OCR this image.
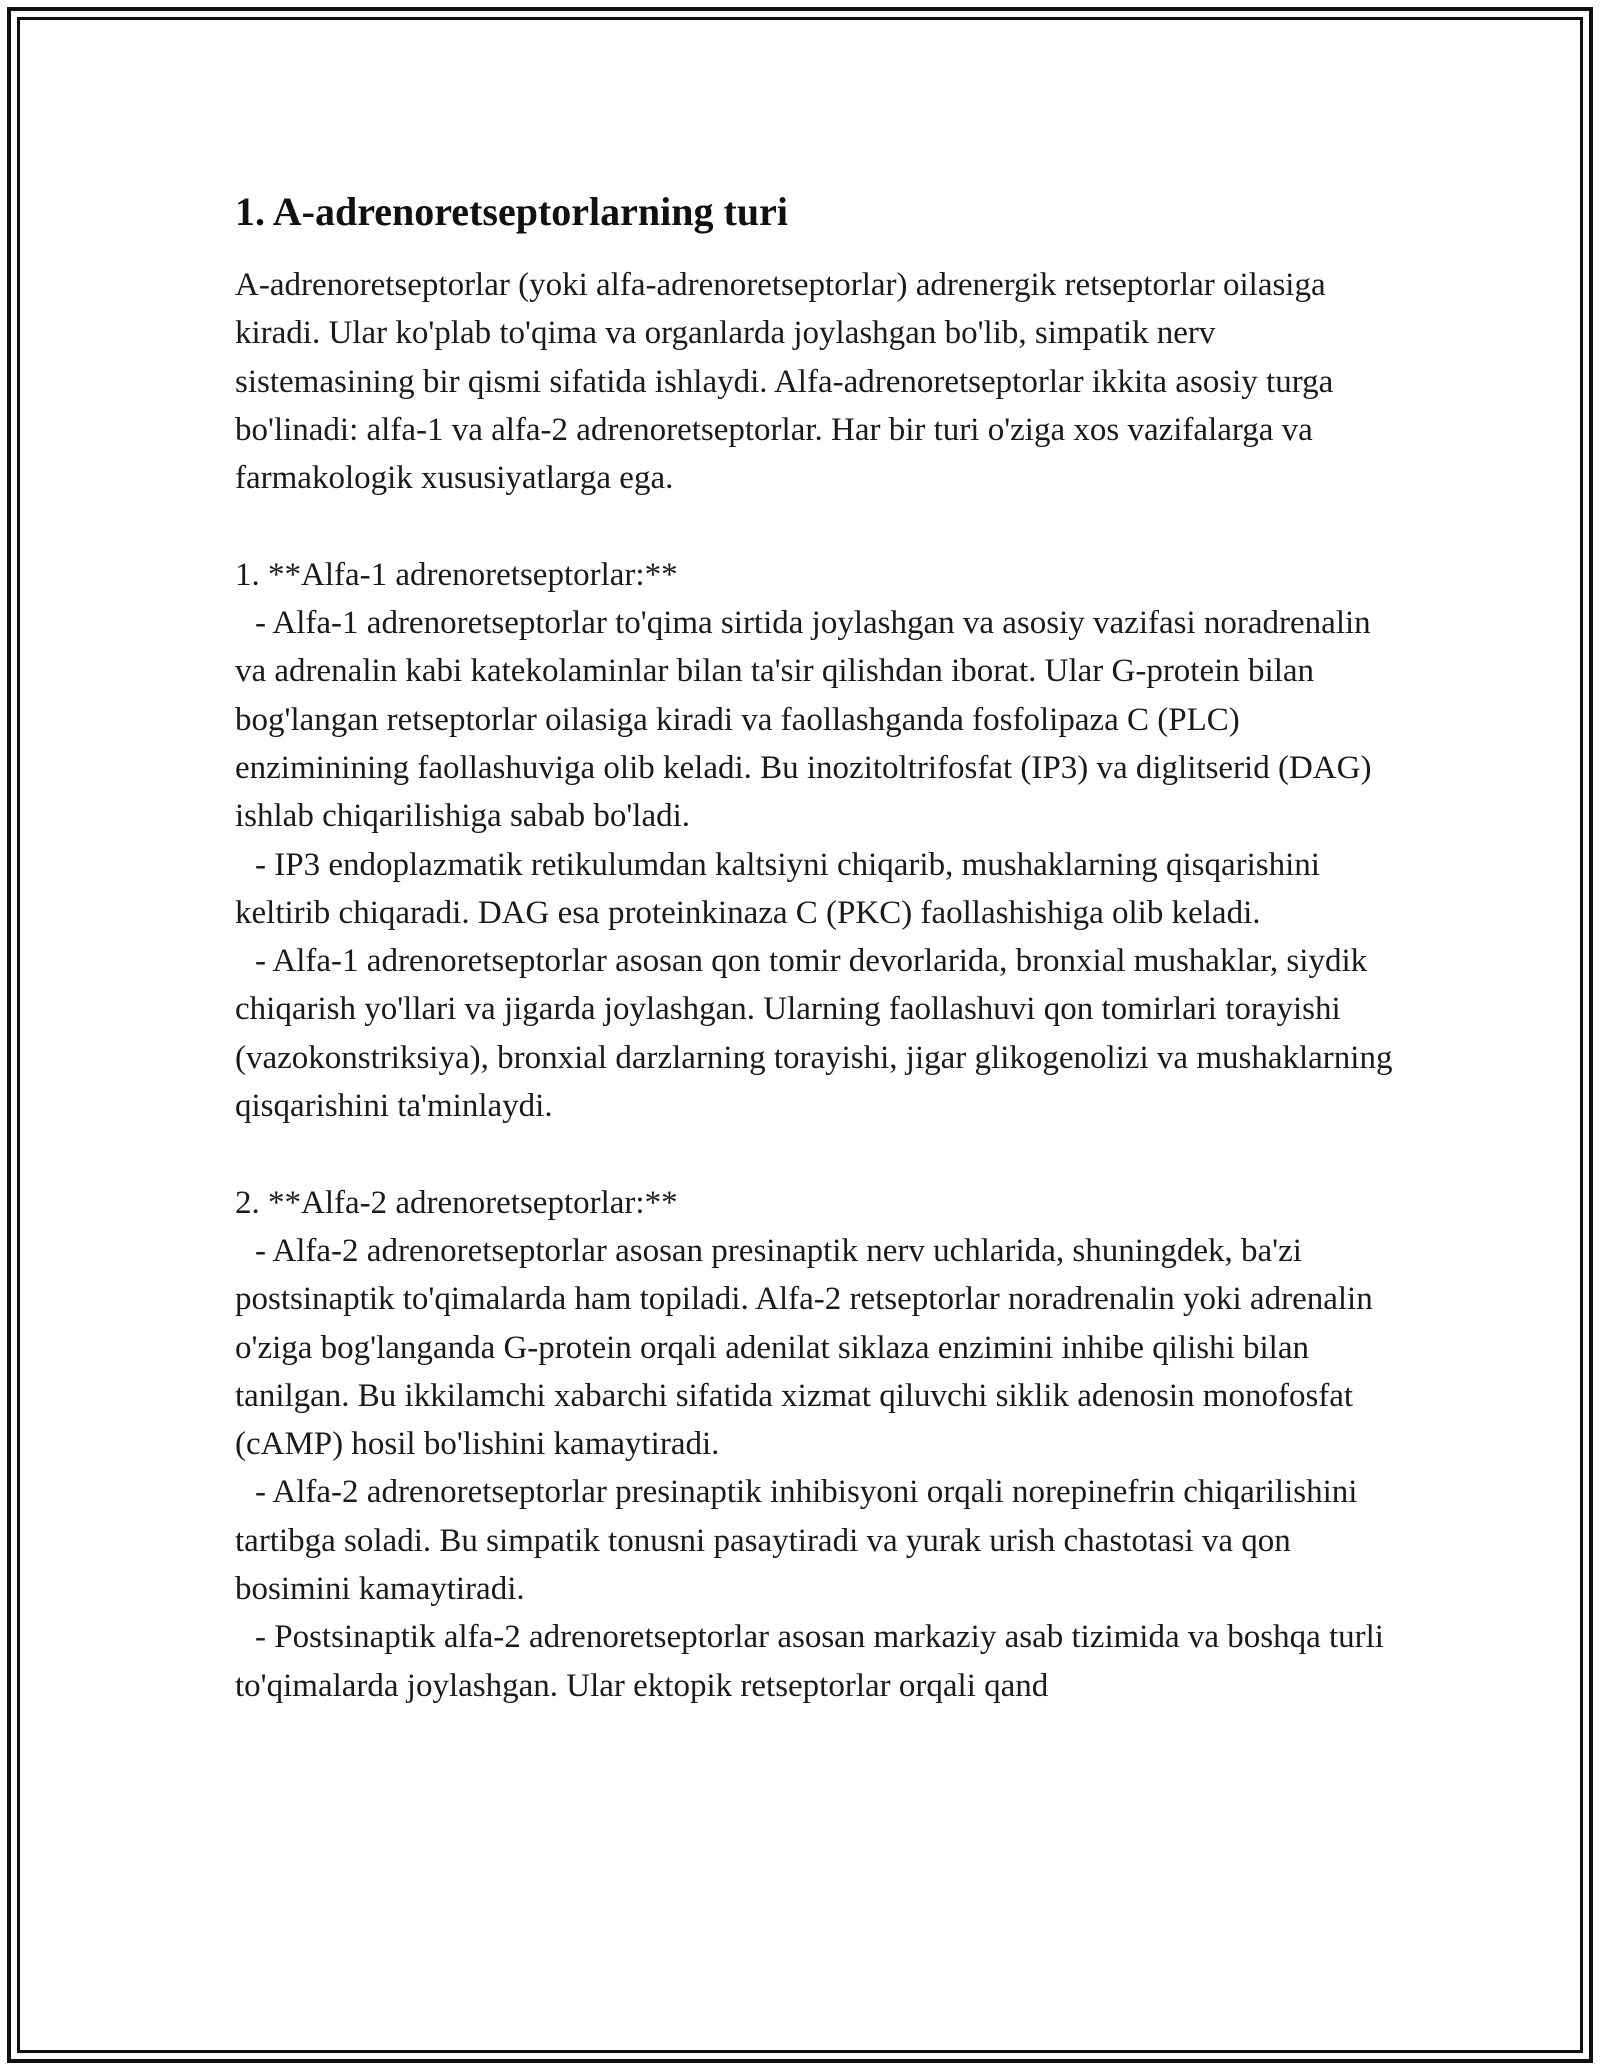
1. A-adrenoretseptorlarning turi

A-adrenoretseptorlar (yoki alfa-adrenoretseptorlar) adrenergik retseptorlar oilasiga kiradi. Ular ko'plab to'qima va organlarda joylashgan bo'lib, simpatik nerv sistemasining bir qismi sifatida ishlaydi. Alfa-adrenoretseptorlar ikkita asosiy turga bo'linadi: alfa-1 va alfa-2 adrenoretseptorlar. Har bir turi o'ziga xos vazifalarga va farmakologik xususiyatlarga ega.

1. **Alfa-1 adrenoretseptorlar:**

- Alfa-1 adrenoretseptorlar to'qima sirtida joylashgan va asosiy vazifasi noradrenalin va adrenalin kabi katekolaminlar bilan ta'sir qilishdan iborat. Ular G-protein bilan bog'langan retseptorlar oilasiga kiradi va faollashganda fosfolipaza C (PLC) enziminining faollashuviga olib keladi. Bu inozitoltrifosfat (IP3) va diglitserid (DAG) ishlab chiqarilishiga sabab bo'ladi.

- IP3 endoplazmatik retikulumdan kaltsiyni chiqarib, mushaklarning qisqarishini keltirib chiqaradi. DAG esa proteinkinaza C (PKC) faollashishiga olib keladi.

- Alfa-1 adrenoretseptorlar asosan qon tomir devorlarida, bronxial mushaklar, siydik chiqarish yo'llari va jigarda joylashgan. Ularning faollashuvi qon tomirlari torayishi (vazokonstriksiya), bronxial darzlarning torayishi, jigar glikogenolizi va mushaklarning qisqarishini ta'minlaydi.

2. **Alfa-2 adrenoretseptorlar:**

- Alfa-2 adrenoretseptorlar asosan presinaptik nerv uchlarida, shuningdek, ba'zi postsinaptik to'qimalarda ham topiladi. Alfa-2 retseptorlar noradrenalin yoki adrenalin o'ziga bog'langanda G-protein orqali adenilat siklaza enzimini inhibe qilishi bilan tanilgan. Bu ikkilamchi xabarchi sifatida xizmat qiluvchi siklik adenosin monofosfat (cAMP) hosil bo'lishini kamaytiradi.

- Alfa-2 adrenoretseptorlar presinaptik inhibisyoni orqali norepinefrin chiqarilishini tartibga soladi. Bu simpatik tonusni pasaytiradi va yurak urish chastotasi va qon bosimini kamaytiradi.

- Postsinaptik alfa-2 adrenoretseptorlar asosan markaziy asab tizimida va boshqa turli to'qimalarda joylashgan. Ular ektopik retseptorlar orqali qand
